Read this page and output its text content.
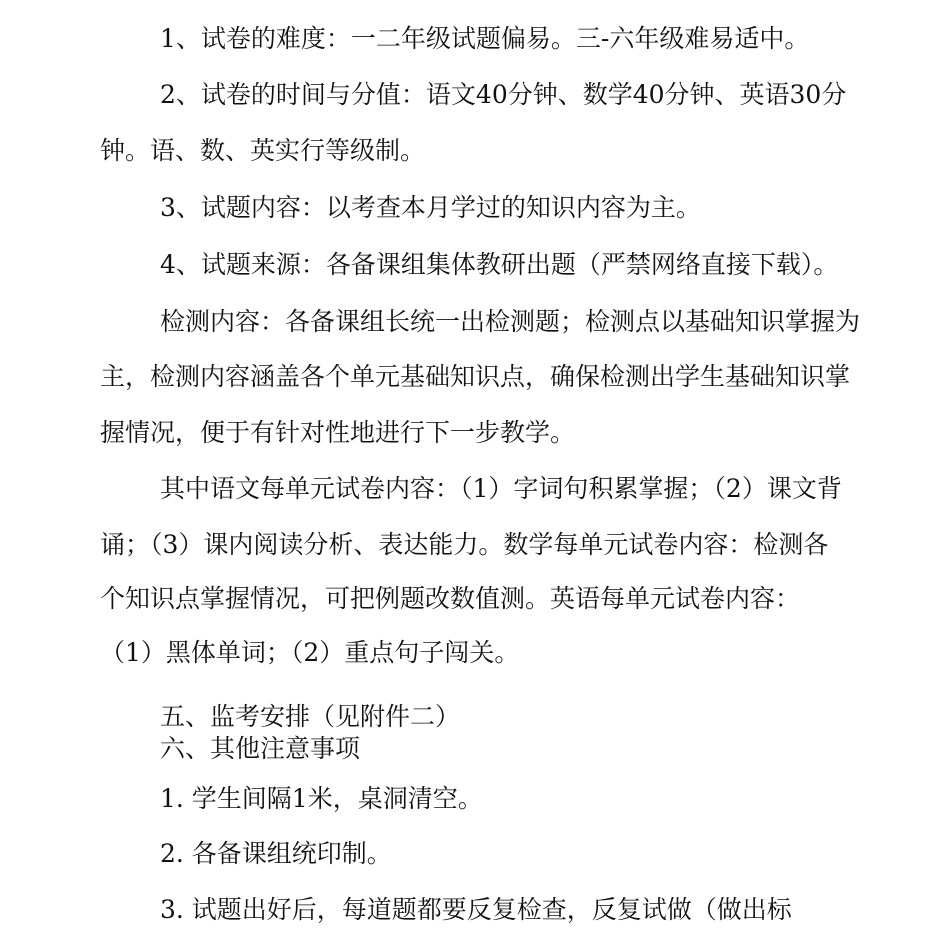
1、试卷的难度：一二年级试题偏易。三-六年级难易适中。
2、试卷的时间与分值：语文40分钟、数学40分钟、英语30分
钟。语、数、英实行等级制。
3、试题内容：以考查本月学过的知识内容为主。
4、试题来源：各备课组集体教研出题（严禁网络直接下载）。
检测内容：各备课组长统一出检测题；检测点以基础知识掌握为
主，检测内容涵盖各个单元基础知识点，确保检测出学生基础知识掌
握情况，便于有针对性地进行下一步教学。
其中语文每单元试卷内容：（1）字词句积累掌握；（2）课文背
诵；（3）课内阅读分析、表达能力。数学每单元试卷内容：检测各
个知识点掌握情况，可把例题改数值测。英语每单元试卷内容：
（1）黑体单词；（2）重点句子闯关。
五、监考安排（见附件二）
六、其他注意事项
1. 学生间隔1米，桌洞清空。
2. 各备课组统印制。
3. 试题出好后，每道题都要反复检查，反复试做（做出标
